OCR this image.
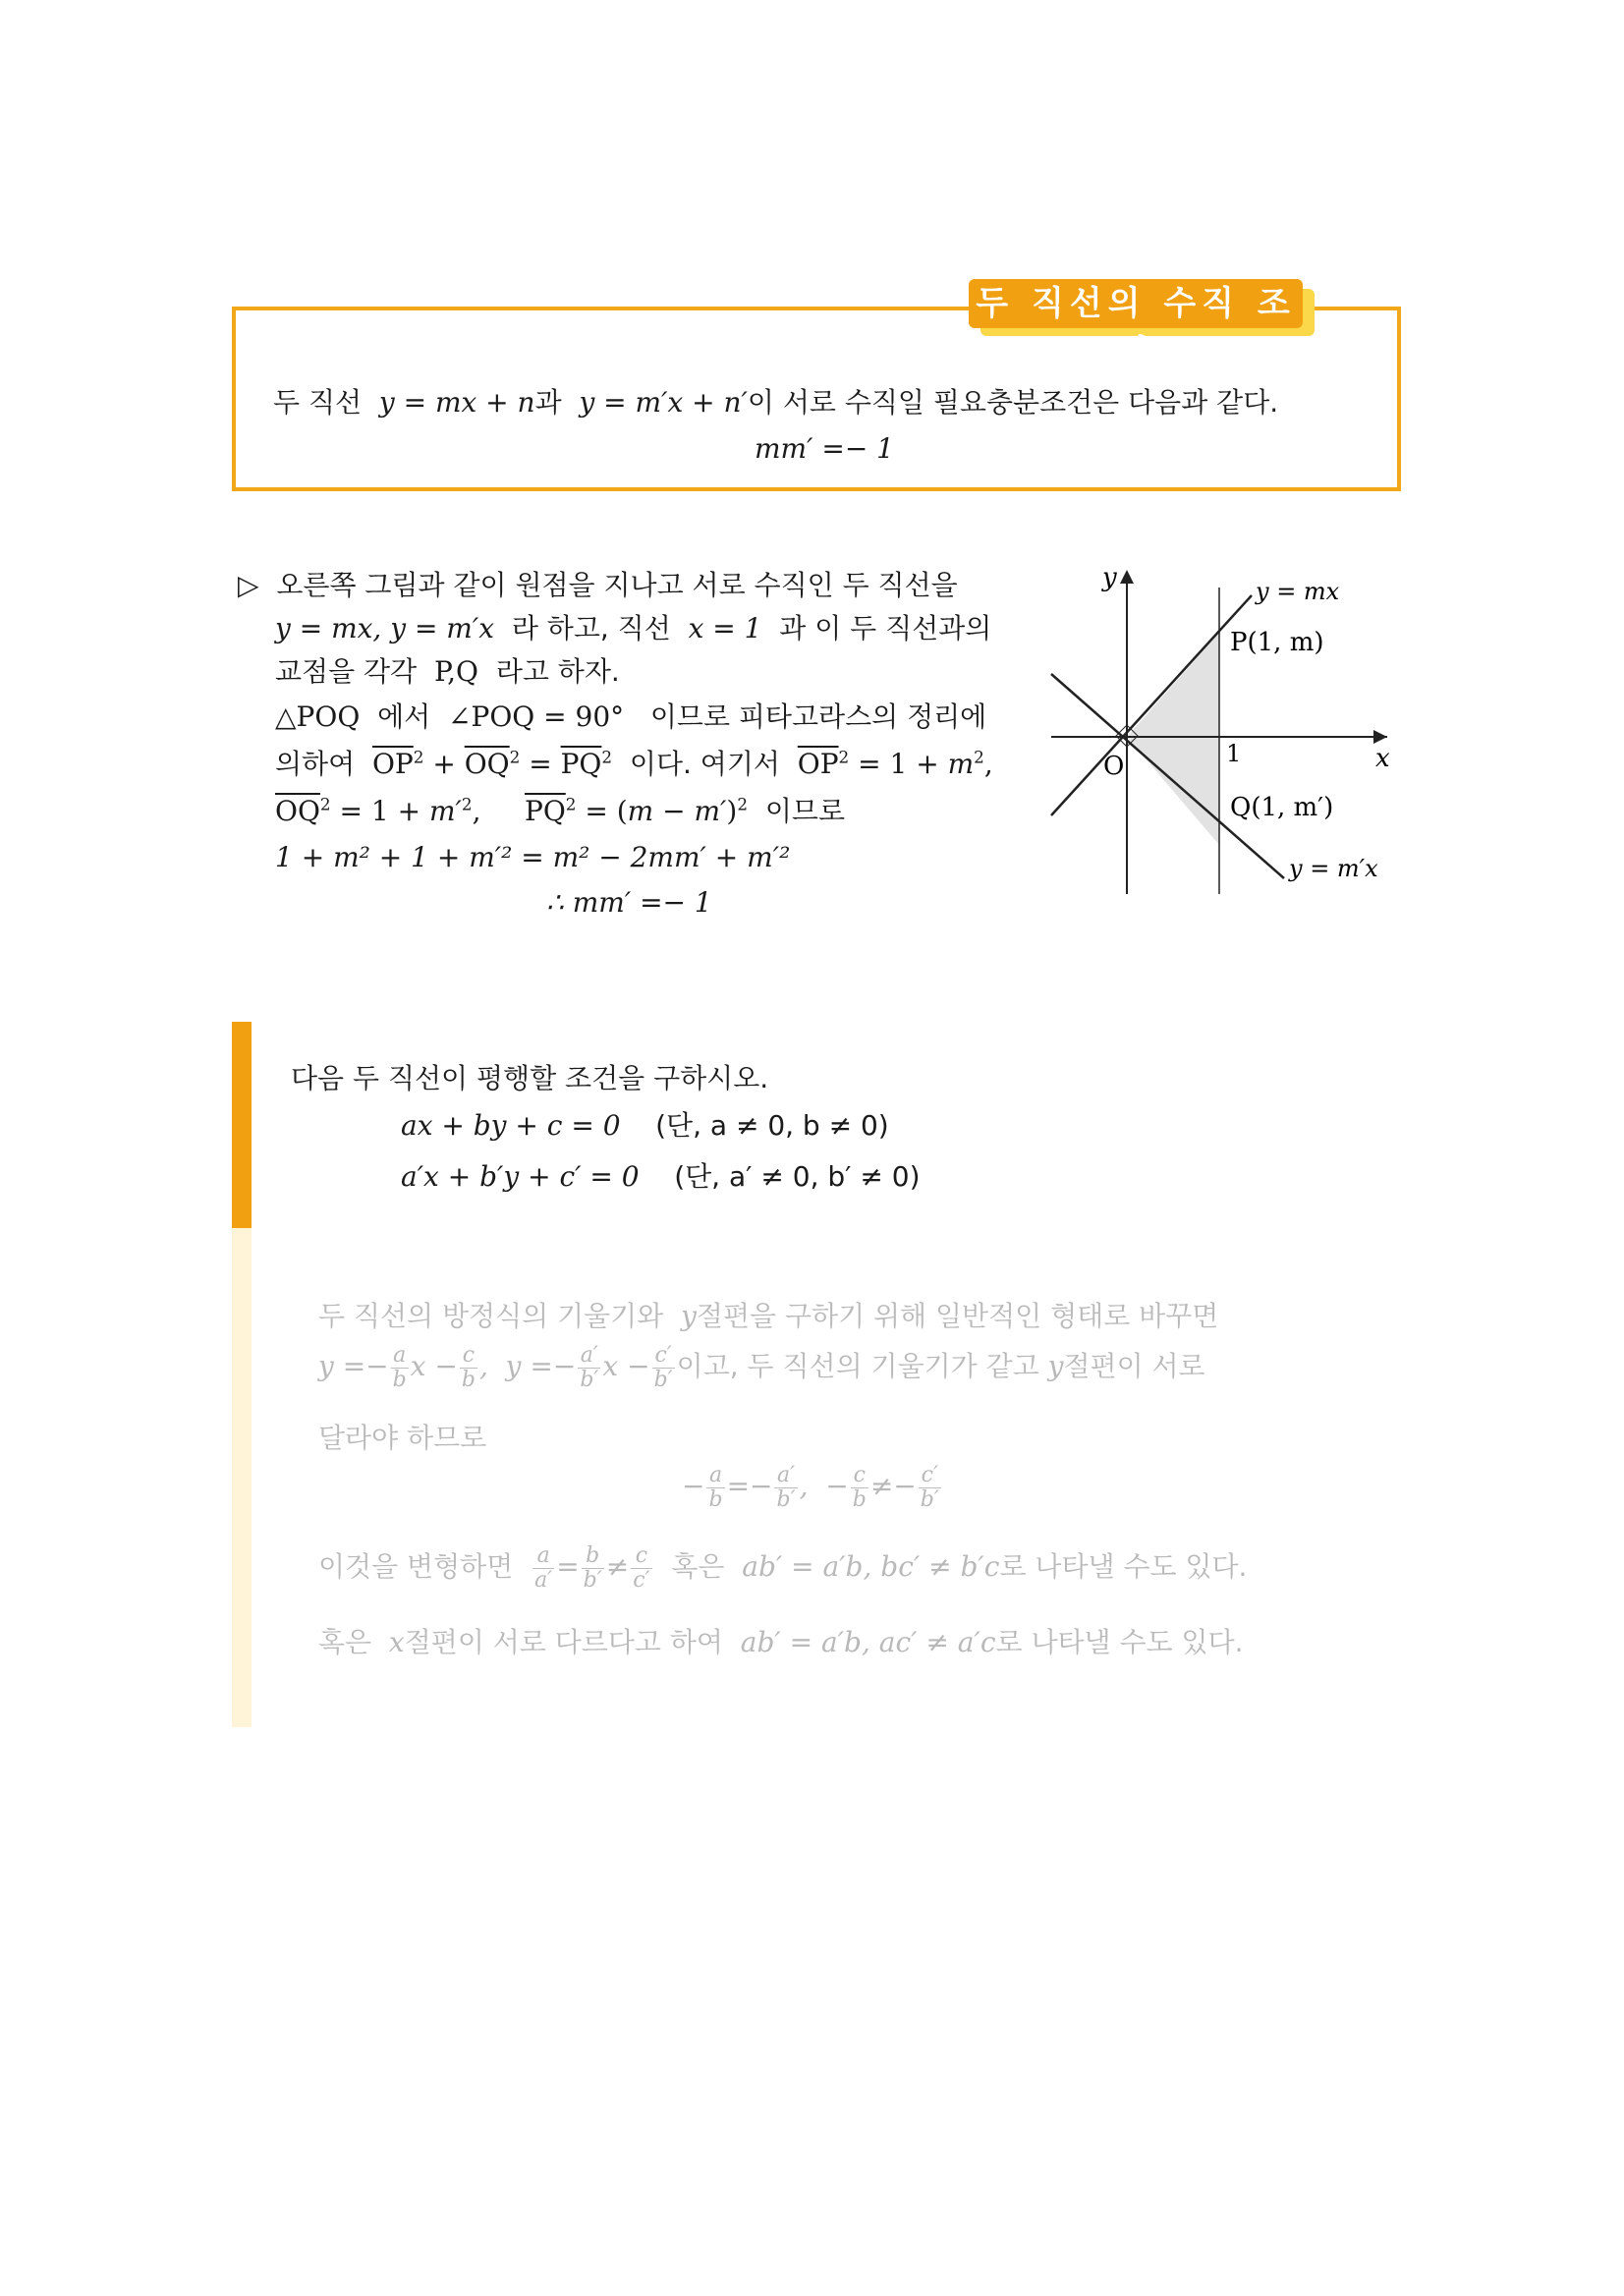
두 직선의 수직 조건
두 직선 y = mx + n과 y = m′x + n′이 서로 수직일 필요충분조건은 다음과 같다.
mm′ =− 1
▷ 오른쪽 그림과 같이 원점을 지나고 서로 수직인 두 직선을
y = mx, y = m′x 라 하고, 직선 x = 1 과 이 두 직선과의
교점을 각각 P,Q 라고 하자.
△POQ 에서 ∠POQ = 90° 이므로 피타고라스의 정리에
의하여 $\overline{OP}^2 + \overline{OQ}^2 = \overline{PQ}^2$ 이다. 여기서 $\overline{OP}^2 = 1 + m^2$,
$\overline{OQ}^2 = 1 + m'^2$, $\overline{PQ}^2 = (m - m')^2$ 이므로
1 + m² + 1 + m′² = m² − 2mm′ + m′²
∴ mm′ =− 1
y
x
O	1
y = mx
P(1, m)
Q(1, m′)
y = m′x
다음 두 직선이 평행할 조건을 구하시오.
ax + by + c = 0 (단, a ≠ 0, b ≠ 0)
a′x + b′y + c′ = 0 (단, a′ ≠ 0, b′ ≠ 0)
두 직선의 방정식의 기울기와 y절편을 구하기 위해 일반적인 형태로 바꾸면
$y =- \frac{a}{b}$ $x - \frac{c}{b}$ ,  $y =- \frac{a'}{b'}$ $x - \frac{c'}{b'}$ 이고, 두 직선의 기울기가 같고 y절편이 서로
달라야 하므로
− $\frac{a}{b} =- \frac{a'}{b'}$ ,  − $\frac{c}{b} \ne- \frac{c'}{b'}$
이것을 변형하면 $\frac{a}{a'} = \frac{b}{b'} \ne \frac{c}{c'}$ 혹은 ab′ = a′b, bc′ ≠ b′c로 나타낼 수도 있다.
혹은 x절편이 서로 다르다고 하여 ab′ = a′b, ac′ ≠ a′c로 나타낼 수도 있다.
